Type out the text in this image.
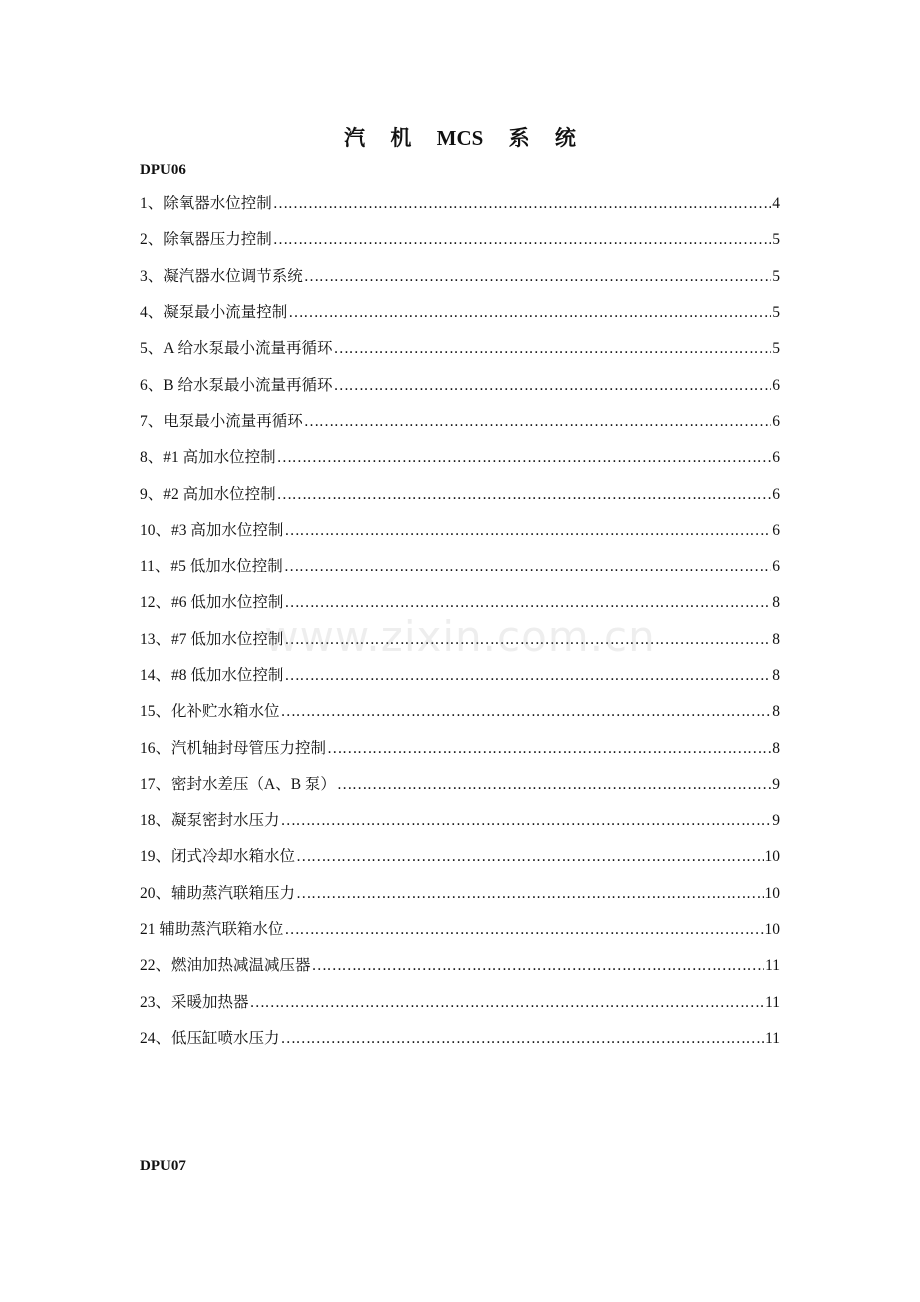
汽 机 MCS 系 统
DPU06
1、除氧器水位控制 …………………………………………………………………………………………………………………………	4
2、除氧器压力控制 …………………………………………………………………………………………………………………………	5
3、凝汽器水位调节系统 …………………………………………………………………………………………………………………………	5
4、凝泵最小流量控制 …………………………………………………………………………………………………………………………	5
5、A 给水泵最小流量再循环 …………………………………………………………………………………………………………………………	5
6、B 给水泵最小流量再循环 …………………………………………………………………………………………………………………………	6
7、电泵最小流量再循环 …………………………………………………………………………………………………………………………	6
8、#1 高加水位控制 …………………………………………………………………………………………………………………………	6
9、#2 高加水位控制 …………………………………………………………………………………………………………………………	6
10、#3 高加水位控制 …………………………………………………………………………………………………………………………	6
11、#5 低加水位控制 …………………………………………………………………………………………………………………………	6
12、#6 低加水位控制 …………………………………………………………………………………………………………………………	8
13、#7 低加水位控制 …………………………………………………………………………………………………………………………	8
14、#8 低加水位控制 …………………………………………………………………………………………………………………………	8
15、化补贮水箱水位 …………………………………………………………………………………………………………………………	8
16、汽机轴封母管压力控制 …………………………………………………………………………………………………………………………	8
17、密封水差压（A、B 泵） …………………………………………………………………………………………………………………………	9
18、凝泵密封水压力 …………………………………………………………………………………………………………………………	9
19、闭式冷却水箱水位 …………………………………………………………………………………………………………………………	10
20、辅助蒸汽联箱压力 …………………………………………………………………………………………………………………………	10
21 辅助蒸汽联箱水位 …………………………………………………………………………………………………………………………	10
22、燃油加热减温减压器 …………………………………………………………………………………………………………………………	11
23、采暖加热器 …………………………………………………………………………………………………………………………	11
24、低压缸喷水压力 …………………………………………………………………………………………………………………………	11
DPU07
www.zixin.com.cn
